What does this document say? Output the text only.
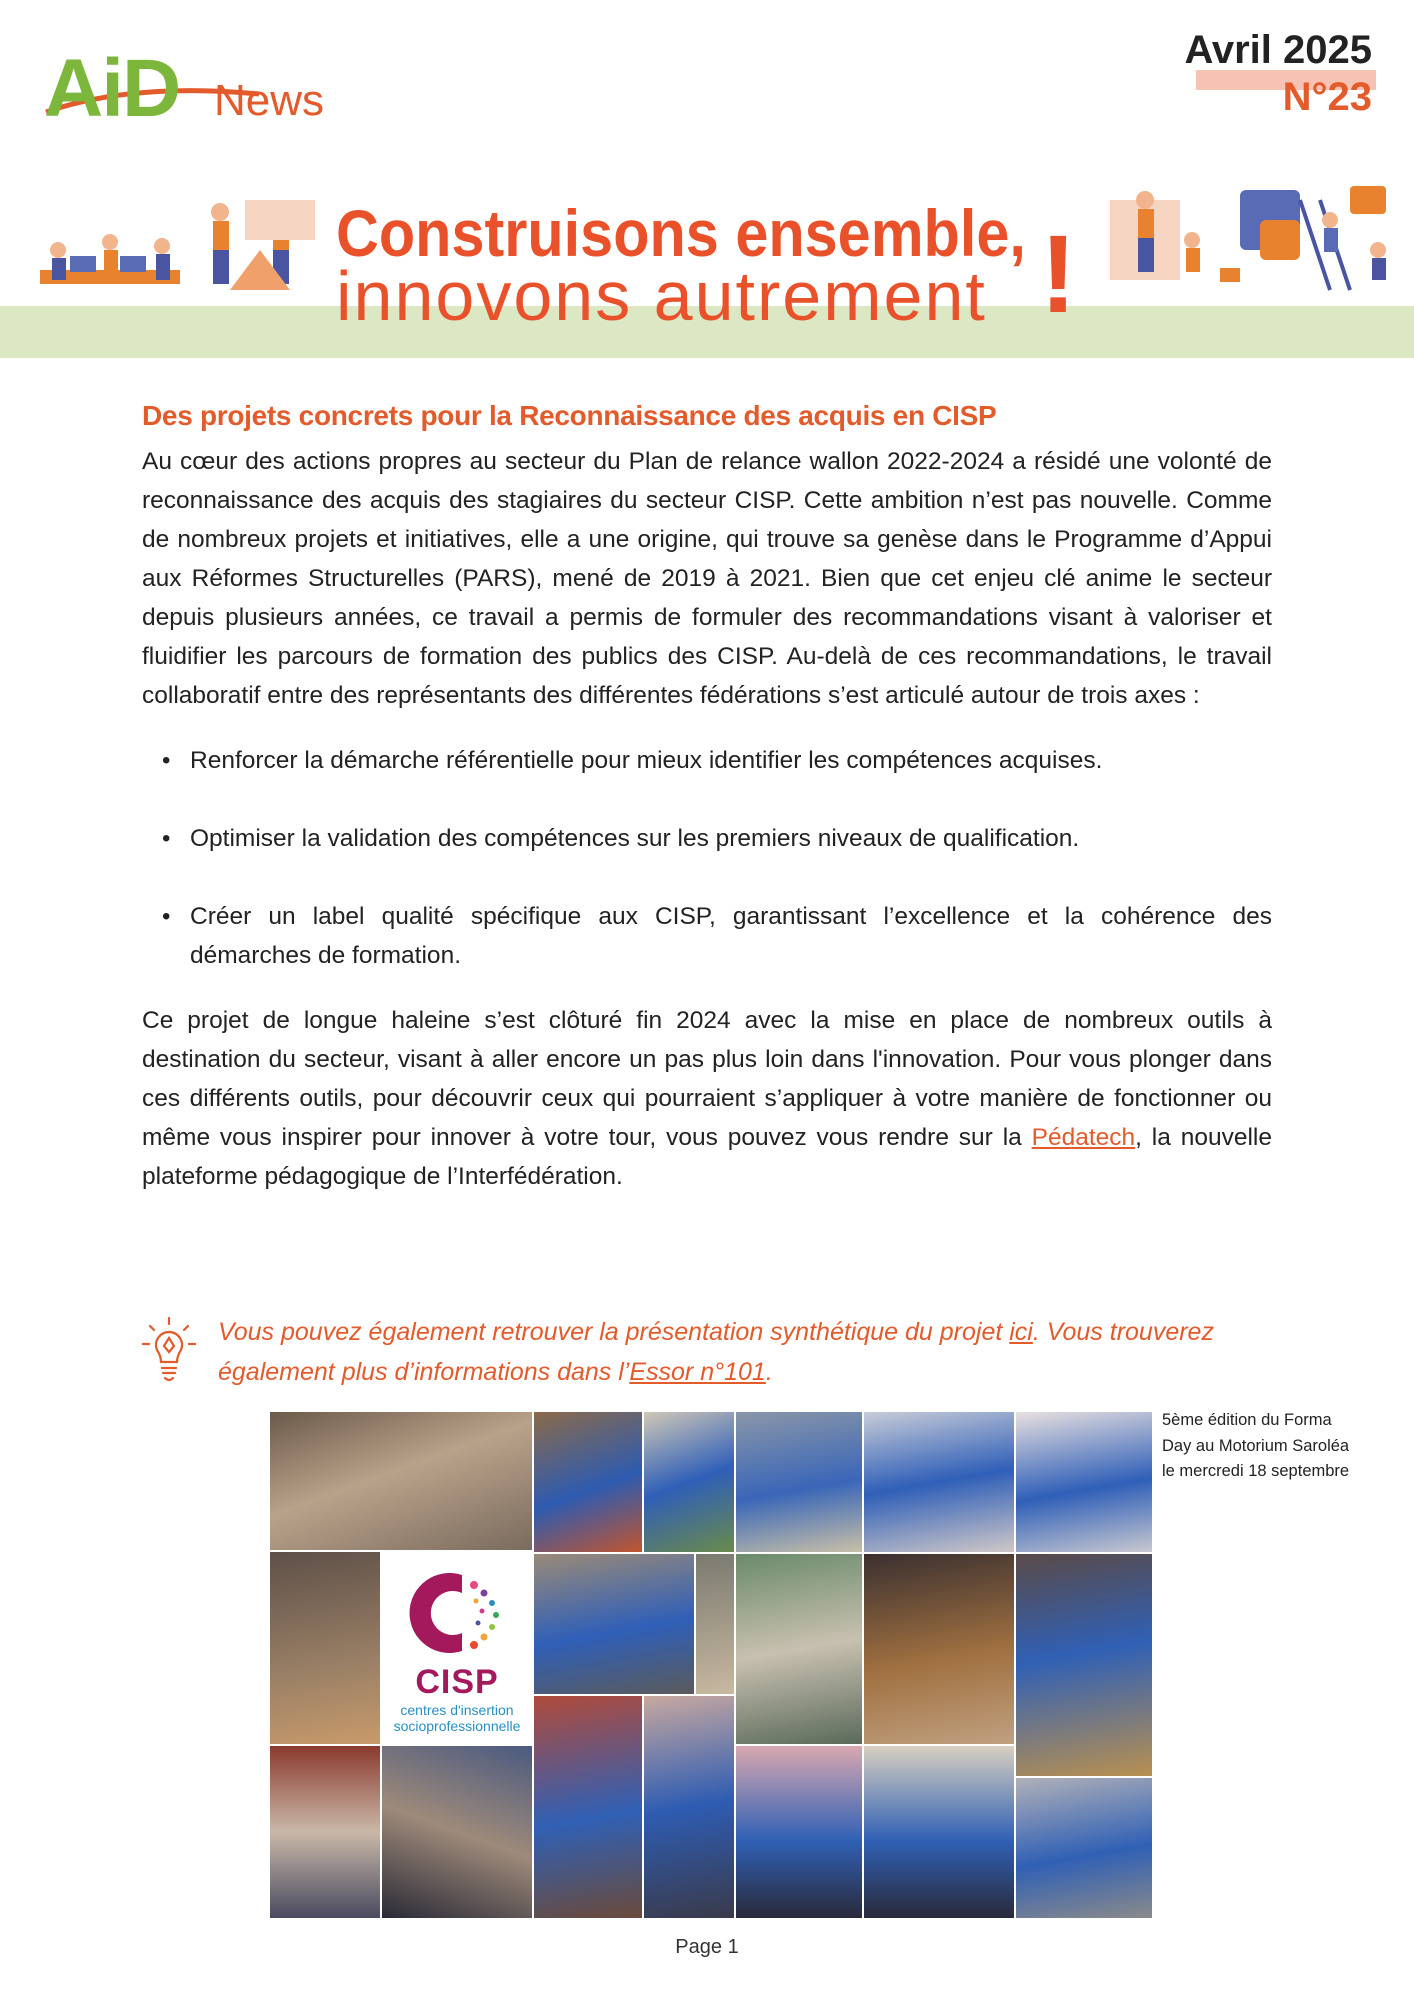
AiD News
Avril 2025
N°23
Construisons ensemble,
innovons autrement !
Des projets concrets pour la Reconnaissance des acquis en CISP

Au cœur des actions propres au secteur du Plan de relance wallon 2022-2024 a résidé une volonté de reconnaissance des acquis des stagiaires du secteur CISP. Cette ambition n’est pas nouvelle. Comme de nombreux projets et initiatives, elle a une origine, qui trouve sa genèse dans le Programme d’Appui aux Réformes Structurelles (PARS), mené de 2019 à 2021. Bien que cet enjeu clé anime le secteur depuis plusieurs années, ce travail a permis de formuler des recommandations visant à valoriser et fluidifier les parcours de formation des publics des CISP. Au-delà de ces recommandations, le travail collaboratif entre des représentants des différentes fédérations s’est articulé autour de trois axes :

• Renforcer la démarche référentielle pour mieux identifier les compétences acquises.
• Optimiser la validation des compétences sur les premiers niveaux de qualification.
• Créer un label qualité spécifique aux CISP, garantissant l’excellence et la cohérence des démarches de formation.

Ce projet de longue haleine s’est clôturé fin 2024 avec la mise en place de nombreux outils à destination du secteur, visant à aller encore un pas plus loin dans l'innovation. Pour vous plonger dans ces différents outils, pour découvrir ceux qui pourraient s’appliquer à votre manière de fonctionner ou même vous inspirer pour innover à votre tour, vous pouvez vous rendre sur la Pédatech, la nouvelle plateforme pédagogique de l’Interfédération.

Vous pouvez également retrouver la présentation synthétique du projet ici. Vous trouverez également plus d’informations dans l’Essor n°101.
CISP
centres d'insertion
socioprofessionnelle
5ème édition du Forma Day au Motorium Saroléa le mercredi 18 septembre
Page 1
